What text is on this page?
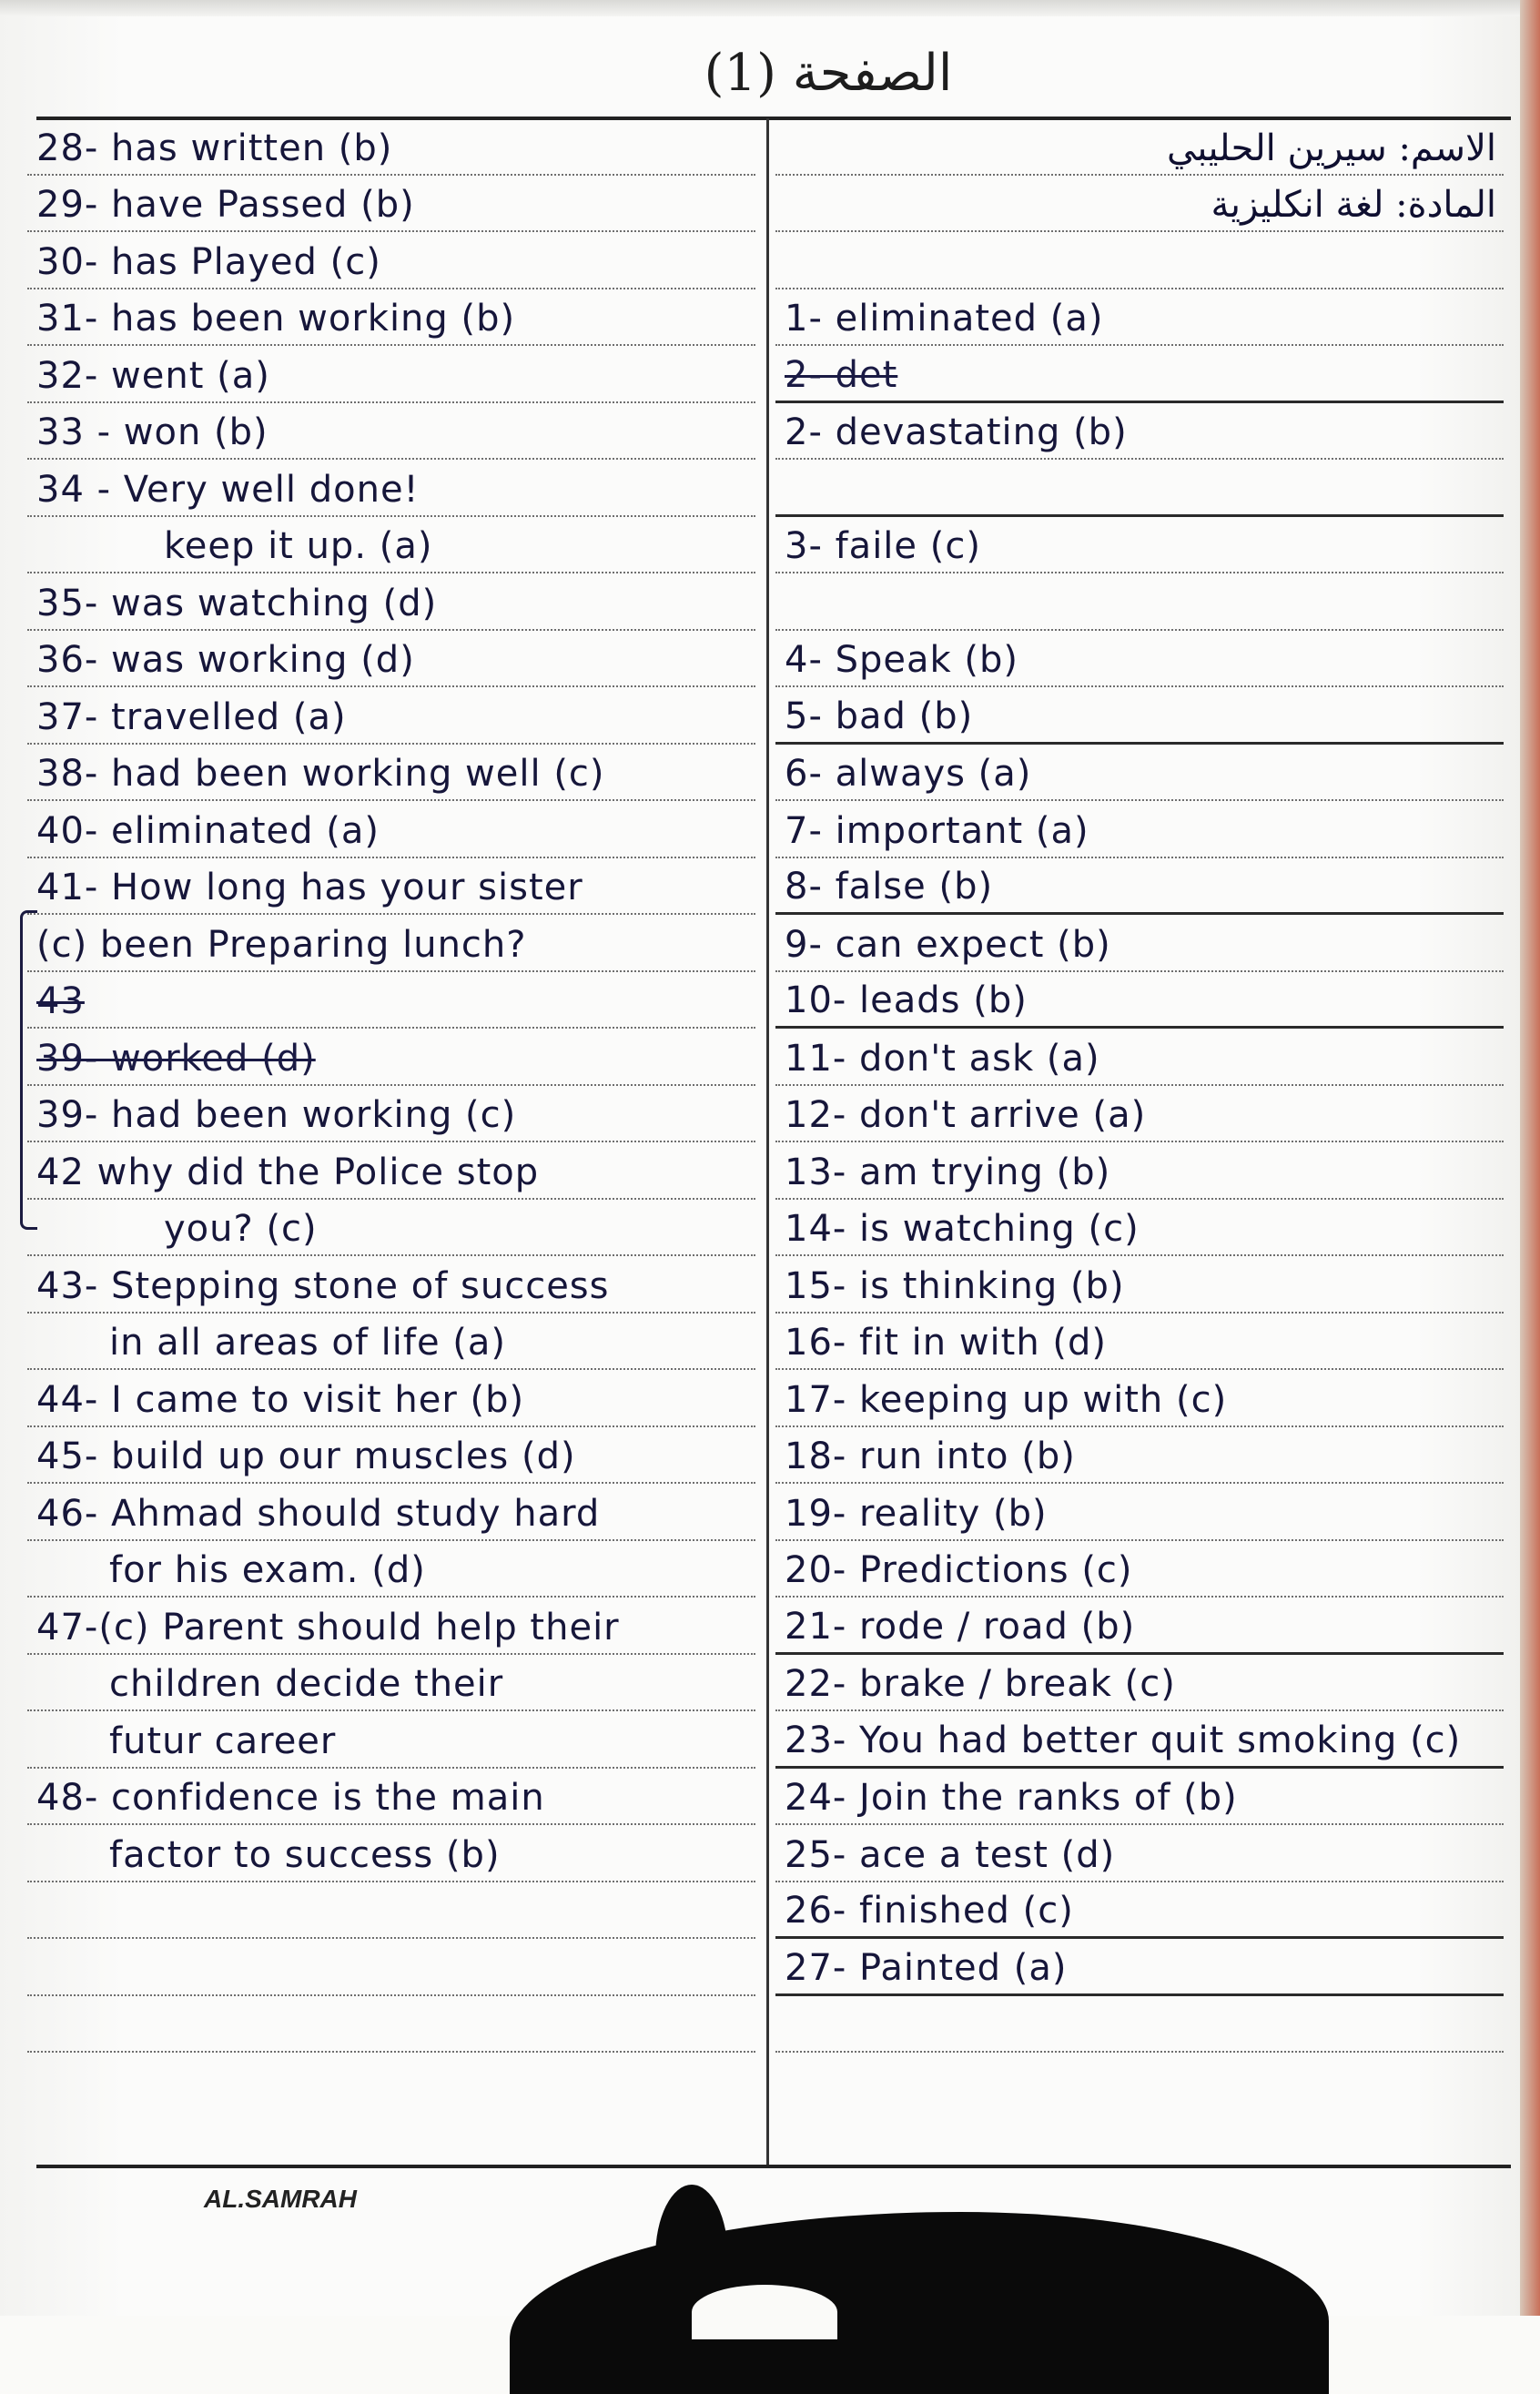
الصفحة (1)
28- has written (b)
29- have Passed (b)
30- has Played (c)
31- has been working (b)
32- went (a)
33 - won (b)
34 - Very well done!
keep it up. (a)
35- was watching (d)
36- was working (d)
37- travelled (a)
38- had been working well (c)
40- eliminated (a)
41- How long has your sister
(c) been Preparing lunch?
43
39- worked (d)
39- had been working (c)
42 why did the Police stop
you? (c)
43- Stepping stone of success
in all areas of life (a)
44- I came to visit her (b)
45- build up our muscles (d)
46- Ahmad should study hard
for his exam. (d)
47-(c) Parent should help their
children decide their
futur career
48- confidence is the main
factor to success (b)
الاسم: سيرين الحليبي
المادة: لغة انكليزية
1- eliminated (a)
2- det
2- devastating (b)
3- faile (c)
4- Speak (b)
5- bad (b)
6- always (a)
7- important (a)
8- false (b)
9- can expect (b)
10- leads (b)
11- don't ask (a)
12- don't arrive (a)
13- am trying (b)
14- is watching (c)
15- is thinking (b)
16- fit in with (d)
17- keeping up with (c)
18- run into (b)
19- reality (b)
20- Predictions (c)
21- rode / road (b)
22- brake / break (c)
23- You had better quit smoking (c)
24- Join the ranks of (b)
25- ace a test (d)
26- finished (c)
27- Painted (a)
AL.SAMRAH
